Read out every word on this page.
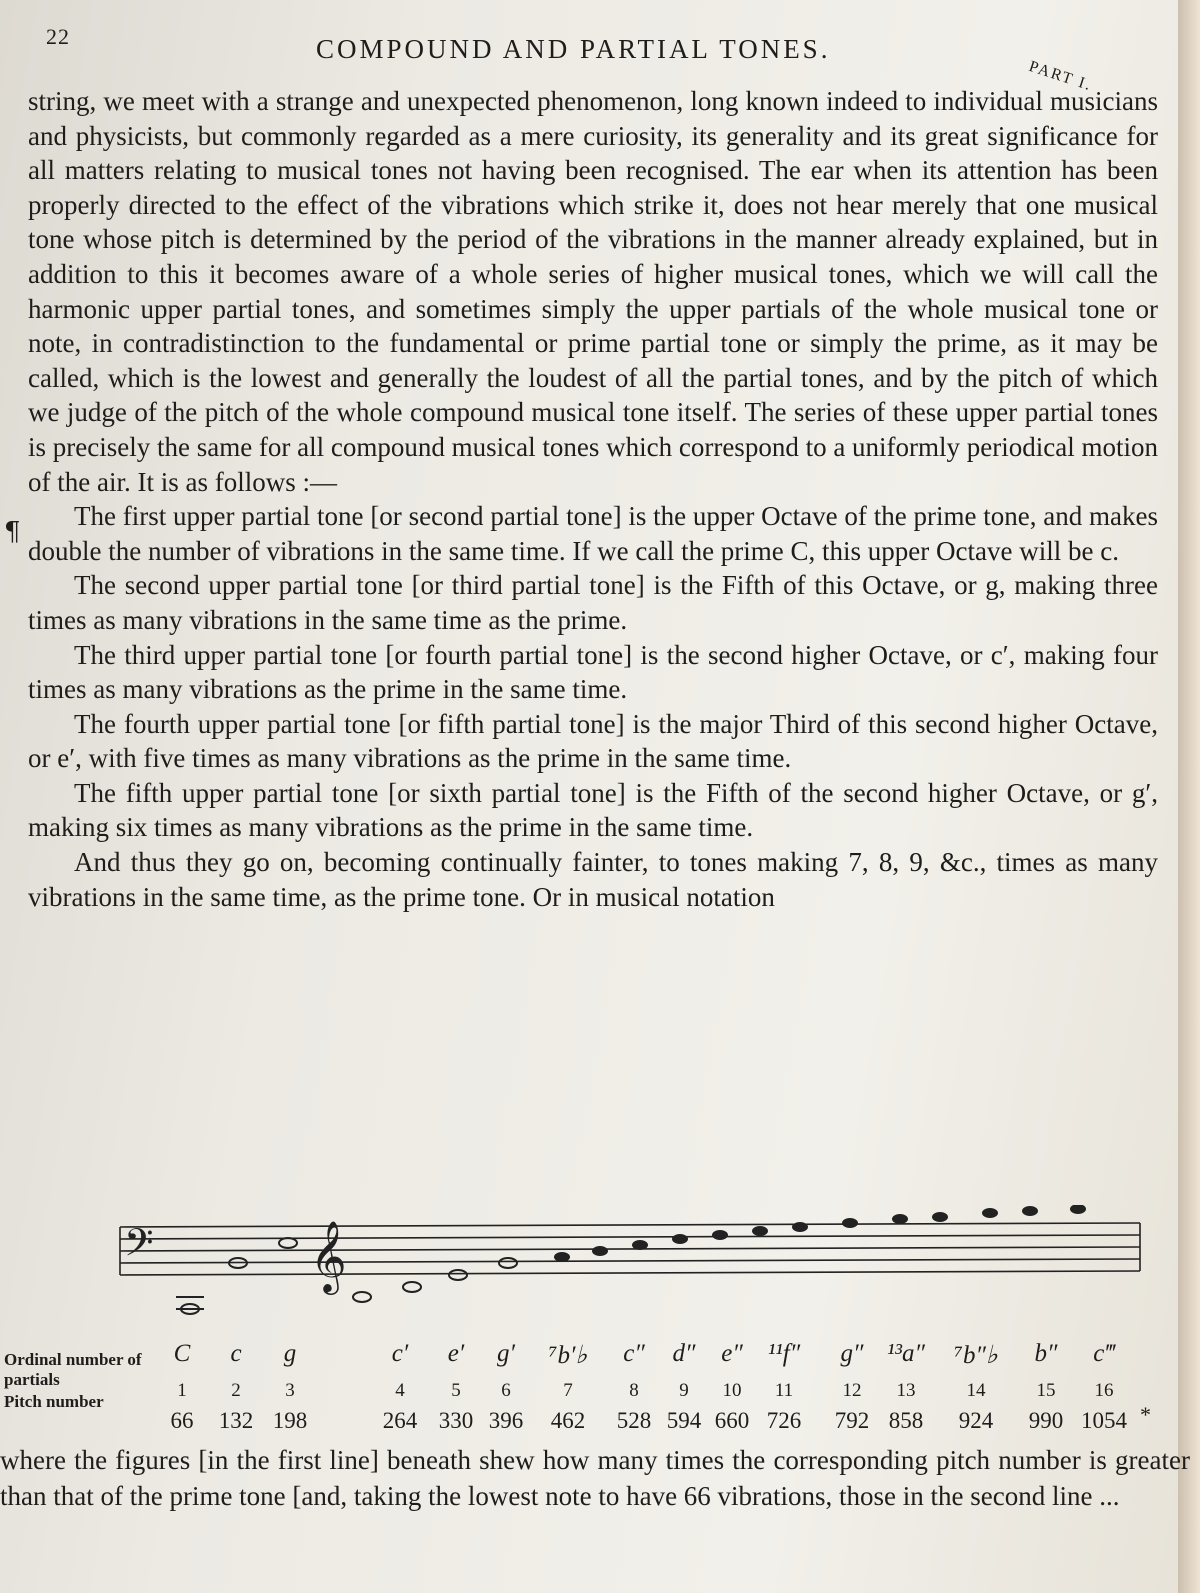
22	COMPOUND AND PARTIAL TONES.
PART I.

string, we meet with a strange and unexpected phenomenon, long known indeed to individual musicians and physicists, but commonly regarded as a mere curiosity, its generality and its great significance for all matters relating to musical tones not having been recognised. The ear when its attention has been properly directed to the effect of the vibrations which strike it, does not hear merely that one musical tone whose pitch is determined by the period of the vibrations in the manner already explained, but in addition to this it becomes aware of a whole series of higher musical tones, which we will call the harmonic upper partial tones, and sometimes simply the upper partials of the whole musical tone or note, in contradistinction to the fundamental or prime partial tone or simply the prime, as it may be called, which is the lowest and generally the loudest of all the partial tones, and by the pitch of which we judge of the pitch of the whole compound musical tone itself. The series of these upper partial tones is precisely the same for all compound musical tones which correspond to a uniformly periodical motion of the air. It is as follows :—

The first upper partial tone [or second partial tone] is the upper Octave of the prime tone, and makes double the number of vibrations in the same time. If we call the prime C, this upper Octave will be c.

The second upper partial tone [or third partial tone] is the Fifth of this Octave, or g, making three times as many vibrations in the same time as the prime.

The third upper partial tone [or fourth partial tone] is the second higher Octave, or c′, making four times as many vibrations as the prime in the same time.

The fourth upper partial tone [or fifth partial tone] is the major Third of this second higher Octave, or e′, with five times as many vibrations as the prime in the same time.

The fifth upper partial tone [or sixth partial tone] is the Fifth of the second higher Octave, or g′, making six times as many vibrations as the prime in the same time.

And thus they go on, becoming continually fainter, to tones making 7, 8, 9, &c., times as many vibrations in the same time, as the prime tone. Or in musical notation

¶
𝄢	𝄞
Ordinal number of partials
Pitch number
C
1
66
c
2
132
g
3
198
c′
4
264
e′
5
330
g′
6
396
⁷b′♭
7
462
c″
8
528
d″
9
594
e″
10
660
¹¹f″
11
726
g″
12
792
¹³a″
13
858
⁷b″♭
14
924
b″
15
990
c‴
16
1054 *

where the figures [in the first line] beneath shew how many times the corresponding pitch number is greater than that of the prime tone [and, taking the lowest note to have 66 vibrations, those in the second line ...
